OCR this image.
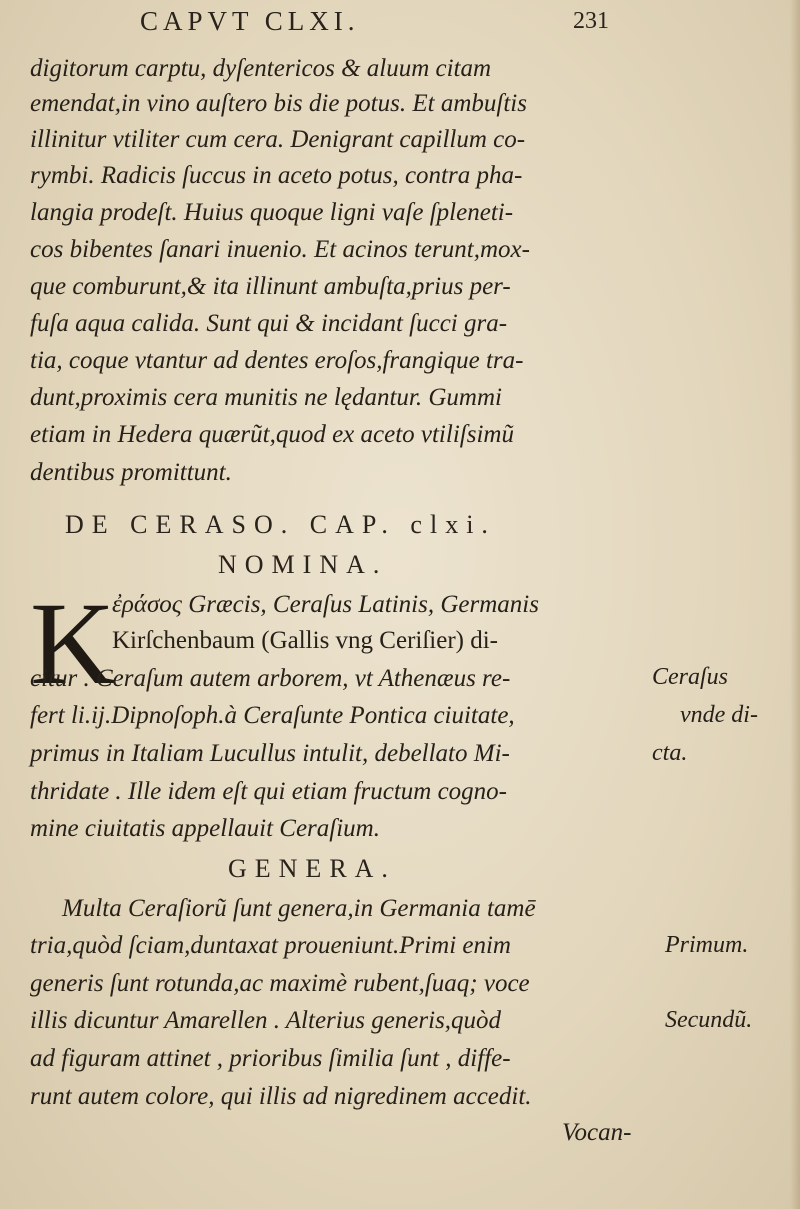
CAPVT CLXI.	231
digitorum carptu, dyſentericos & aluum citam
emendat,in vino auſtero bis die potus. Et ambuſtis
illinitur vtiliter cum cera. Denigrant capillum co-
rymbi. Radicis ſuccus in aceto potus, contra pha-
langia prodeſt. Huius quoque ligni vaſe ſpleneti-
cos bibentes ſanari inuenio. Et acinos terunt,mox-
que comburunt,& ita illinunt ambuſta,prius per-
fuſa aqua calida. Sunt qui & incidant ſucci gra-
tia, coque vtantur ad dentes eroſos,frangique tra-
dunt,proximis cera munitis ne lędantur. Gummi
etiam in Hedera quærũt,quod ex aceto vtiliſsimũ
dentibus promittunt.
DE CERASO. CAP. clxi.
NOMINA.
K
ἐράσος Græcis, Ceraſus Latinis, Germanis
Kirſchenbaum (Gallis vng Ceriſier) di-
citur . Ceraſum autem arborem, vt Athenæus re-
fert li.ij.Dipnoſoph.à Ceraſunte Pontica ciuitate,
primus in Italiam Lucullus intulit, debellato Mi-
thridate . Ille idem eſt qui etiam fructum cogno-
mine ciuitatis appellauit Ceraſium.
GENERA.
Multa Ceraſiorũ ſunt genera,in Germania tamē
tria,quòd ſciam,duntaxat proueniunt.Primi enim
generis ſunt rotunda,ac maximè rubent,ſuaq; voce
illis dicuntur Amarellen . Alterius generis,quòd
ad figuram attinet , prioribus ſimilia ſunt , diffe-
runt autem colore, qui illis ad nigredinem accedit.
Ceraſus
vnde di-
cta.
Primum.
Secundũ.
Vocan-
